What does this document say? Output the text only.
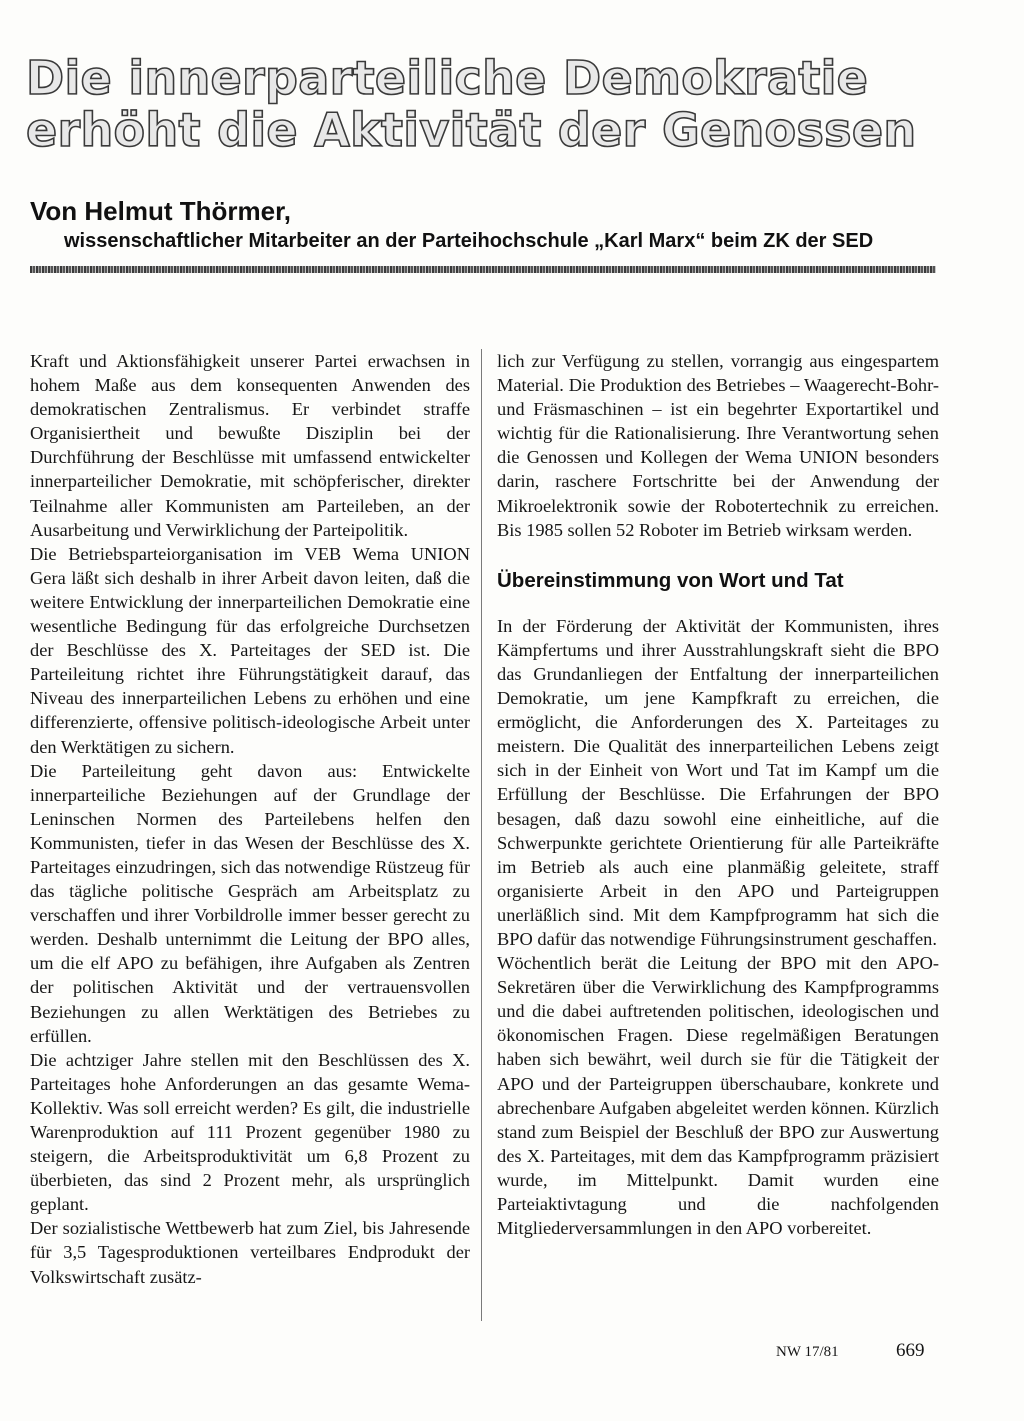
Die innerparteiliche Demokratie
erhöht die Aktivität der Genossen

Von Helmut Thörmer,

wissenschaftlicher Mitarbeiter an der Parteihochschule „Karl Marx“ beim ZK der SED

Kraft und Aktionsfähigkeit unserer Partei erwachsen in hohem Maße aus dem konsequenten Anwenden des demokratischen Zentralismus. Er verbindet straffe Organisiertheit und bewußte Disziplin bei der Durchführung der Beschlüsse mit umfassend entwickelter innerparteilicher Demokratie, mit schöpferischer, direkter Teilnahme aller Kommunisten am Parteileben, an der Ausarbeitung und Verwirklichung der Parteipolitik.

Die Betriebsparteiorganisation im VEB Wema UNION Gera läßt sich deshalb in ihrer Arbeit davon leiten, daß die weitere Entwicklung der innerparteilichen Demokratie eine wesentliche Bedingung für das erfolgreiche Durchsetzen der Beschlüsse des X. Parteitages der SED ist. Die Parteileitung richtet ihre Führungstätigkeit darauf, das Niveau des innerparteilichen Lebens zu erhöhen und eine differenzierte, offensive politisch-ideologische Arbeit unter den Werktätigen zu sichern.

Die Parteileitung geht davon aus: Entwickelte innerparteiliche Beziehungen auf der Grundlage der Leninschen Normen des Parteilebens helfen den Kommunisten, tiefer in das Wesen der Beschlüsse des X. Parteitages einzudringen, sich das notwendige Rüstzeug für das tägliche politische Gespräch am Arbeitsplatz zu verschaffen und ihrer Vorbildrolle immer besser gerecht zu werden. Deshalb unternimmt die Leitung der BPO alles, um die elf APO zu befähigen, ihre Aufgaben als Zentren der politischen Aktivität und der vertrauensvollen Beziehungen zu allen Werktätigen des Betriebes zu erfüllen.

Die achtziger Jahre stellen mit den Beschlüssen des X. Parteitages hohe Anforderungen an das gesamte Wema-Kollektiv. Was soll erreicht werden? Es gilt, die industrielle Warenproduktion auf 111 Prozent gegenüber 1980 zu steigern, die Arbeitsproduktivität um 6,8 Prozent zu überbieten, das sind 2 Prozent mehr, als ursprünglich geplant.

Der sozialistische Wettbewerb hat zum Ziel, bis Jahresende für 3,5 Tagesproduktionen verteilbares Endprodukt der Volkswirtschaft zusätz-

lich zur Verfügung zu stellen, vorrangig aus eingespartem Material. Die Produktion des Betriebes – Waagerecht-Bohr- und Fräsmaschinen – ist ein begehrter Exportartikel und wichtig für die Rationalisierung. Ihre Verantwortung sehen die Genossen und Kollegen der Wema UNION besonders darin, raschere Fortschritte bei der Anwendung der Mikroelektronik sowie der Robotertechnik zu erreichen. Bis 1985 sollen 52 Roboter im Betrieb wirksam werden.

Übereinstimmung von Wort und Tat

In der Förderung der Aktivität der Kommunisten, ihres Kämpfertums und ihrer Ausstrahlungskraft sieht die BPO das Grundanliegen der Entfaltung der innerparteilichen Demokratie, um jene Kampfkraft zu erreichen, die ermöglicht, die Anforderungen des X. Parteitages zu meistern. Die Qualität des innerparteilichen Lebens zeigt sich in der Einheit von Wort und Tat im Kampf um die Erfüllung der Beschlüsse. Die Erfahrungen der BPO besagen, daß dazu sowohl eine einheitliche, auf die Schwerpunkte gerichtete Orientierung für alle Parteikräfte im Betrieb als auch eine planmäßig geleitete, straff organisierte Arbeit in den APO und Parteigruppen unerläßlich sind. Mit dem Kampfprogramm hat sich die BPO dafür das notwendige Führungsinstrument geschaffen.

Wöchentlich berät die Leitung der BPO mit den APO-Sekretären über die Verwirklichung des Kampfprogramms und die dabei auftretenden politischen, ideologischen und ökonomischen Fragen. Diese regelmäßigen Beratungen haben sich bewährt, weil durch sie für die Tätigkeit der APO und der Parteigruppen überschaubare, konkrete und abrechenbare Aufgaben abgeleitet werden können. Kürzlich stand zum Beispiel der Beschluß der BPO zur Auswertung des X. Parteitages, mit dem das Kampfprogramm präzisiert wurde, im Mittelpunkt. Damit wurden eine Parteiaktivtagung und die nachfolgenden Mitgliederversammlungen in den APO vorbereitet.

NW 17/81	669
